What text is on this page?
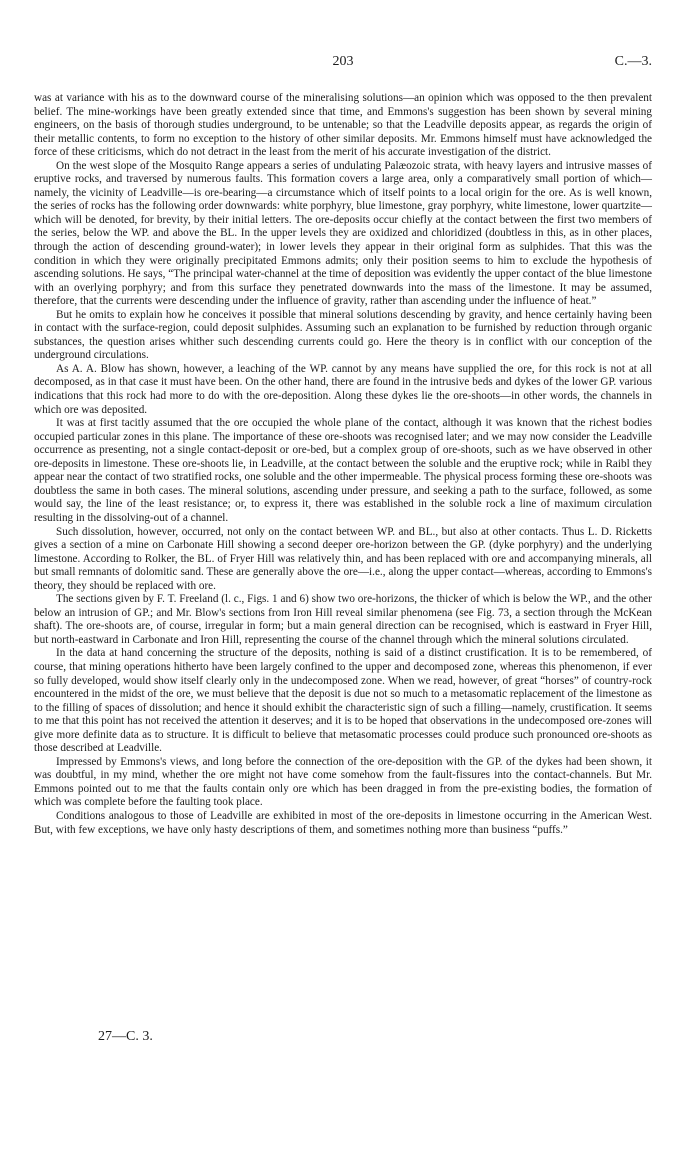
203	C.—3.

was at variance with his as to the downward course of the mineralising solutions—an opinion which was opposed to the then prevalent belief. The mine-workings have been greatly extended since that time, and Emmons's suggestion has been shown by several mining engineers, on the basis of thorough studies underground, to be untenable; so that the Leadville deposits appear, as regards the origin of their metallic contents, to form no exception to the history of other similar deposits. Mr. Emmons himself must have acknowledged the force of these criticisms, which do not detract in the least from the merit of his accurate investigation of the district.

On the west slope of the Mosquito Range appears a series of undulating Palæozoic strata, with heavy layers and intrusive masses of eruptive rocks, and traversed by numerous faults. This formation covers a large area, only a comparatively small portion of which—namely, the vicinity of Leadville—is ore-bearing—a circumstance which of itself points to a local origin for the ore. As is well known, the series of rocks has the following order downwards: white porphyry, blue limestone, gray porphyry, white limestone, lower quartzite—which will be denoted, for brevity, by their initial letters. The ore-deposits occur chiefly at the contact between the first two members of the series, below the WP. and above the BL. In the upper levels they are oxidized and chloridized (doubtless in this, as in other places, through the action of descending ground-water); in lower levels they appear in their original form as sulphides. That this was the condition in which they were originally precipitated Emmons admits; only their position seems to him to exclude the hypothesis of ascending solutions. He says, “The principal water-channel at the time of deposition was evidently the upper contact of the blue limestone with an overlying porphyry; and from this surface they penetrated downwards into the mass of the limestone. It may be assumed, therefore, that the currents were descending under the influence of gravity, rather than ascending under the influence of heat.”

But he omits to explain how he conceives it possible that mineral solutions descending by gravity, and hence certainly having been in contact with the surface-region, could deposit sulphides. Assuming such an explanation to be furnished by reduction through organic substances, the question arises whither such descending currents could go. Here the theory is in conflict with our conception of the underground circulations.

As A. A. Blow has shown, however, a leaching of the WP. cannot by any means have supplied the ore, for this rock is not at all decomposed, as in that case it must have been. On the other hand, there are found in the intrusive beds and dykes of the lower GP. various indications that this rock had more to do with the ore-deposition. Along these dykes lie the ore-shoots—in other words, the channels in which ore was deposited.

It was at first tacitly assumed that the ore occupied the whole plane of the contact, although it was known that the richest bodies occupied particular zones in this plane. The importance of these ore-shoots was recognised later; and we may now consider the Leadville occurrence as presenting, not a single contact-deposit or ore-bed, but a complex group of ore-shoots, such as we have observed in other ore-deposits in limestone. These ore-shoots lie, in Leadville, at the contact between the soluble and the eruptive rock; while in Raibl they appear near the contact of two stratified rocks, one soluble and the other impermeable. The physical process forming these ore-shoots was doubtless the same in both cases. The mineral solutions, ascending under pressure, and seeking a path to the surface, followed, as some would say, the line of the least resistance; or, to express it, there was established in the soluble rock a line of maximum circulation resulting in the dissolving-out of a channel.

Such dissolution, however, occurred, not only on the contact between WP. and BL., but also at other contacts. Thus L. D. Ricketts gives a section of a mine on Carbonate Hill showing a second deeper ore-horizon between the GP. (dyke porphyry) and the underlying limestone. According to Rolker, the BL. of Fryer Hill was relatively thin, and has been replaced with ore and accompanying minerals, all but small remnants of dolomitic sand. These are generally above the ore—i.e., along the upper contact—whereas, according to Emmons's theory, they should be replaced with ore.

The sections given by F. T. Freeland (l. c., Figs. 1 and 6) show two ore-horizons, the thicker of which is below the WP., and the other below an intrusion of GP.; and Mr. Blow's sections from Iron Hill reveal similar phenomena (see Fig. 73, a section through the McKean shaft). The ore-shoots are, of course, irregular in form; but a main general direction can be recognised, which is eastward in Fryer Hill, but north-eastward in Carbonate and Iron Hill, representing the course of the channel through which the mineral solutions circulated.

In the data at hand concerning the structure of the deposits, nothing is said of a distinct crustification. It is to be remembered, of course, that mining operations hitherto have been largely confined to the upper and decomposed zone, whereas this phenomenon, if ever so fully developed, would show itself clearly only in the undecomposed zone. When we read, however, of great “horses” of country-rock encountered in the midst of the ore, we must believe that the deposit is due not so much to a metasomatic replacement of the limestone as to the filling of spaces of dissolution; and hence it should exhibit the characteristic sign of such a filling—namely, crustification. It seems to me that this point has not received the attention it deserves; and it is to be hoped that observations in the undecomposed ore-zones will give more definite data as to structure. It is difficult to believe that metasomatic processes could produce such pronounced ore-shoots as those described at Leadville.

Impressed by Emmons's views, and long before the connection of the ore-deposition with the GP. of the dykes had been shown, it was doubtful, in my mind, whether the ore might not have come somehow from the fault-fissures into the contact-channels. But Mr. Emmons pointed out to me that the faults contain only ore which has been dragged in from the pre-existing bodies, the formation of which was complete before the faulting took place.

Conditions analogous to those of Leadville are exhibited in most of the ore-deposits in limestone occurring in the American West. But, with few exceptions, we have only hasty descriptions of them, and sometimes nothing more than business “puffs.”

27—C. 3.
